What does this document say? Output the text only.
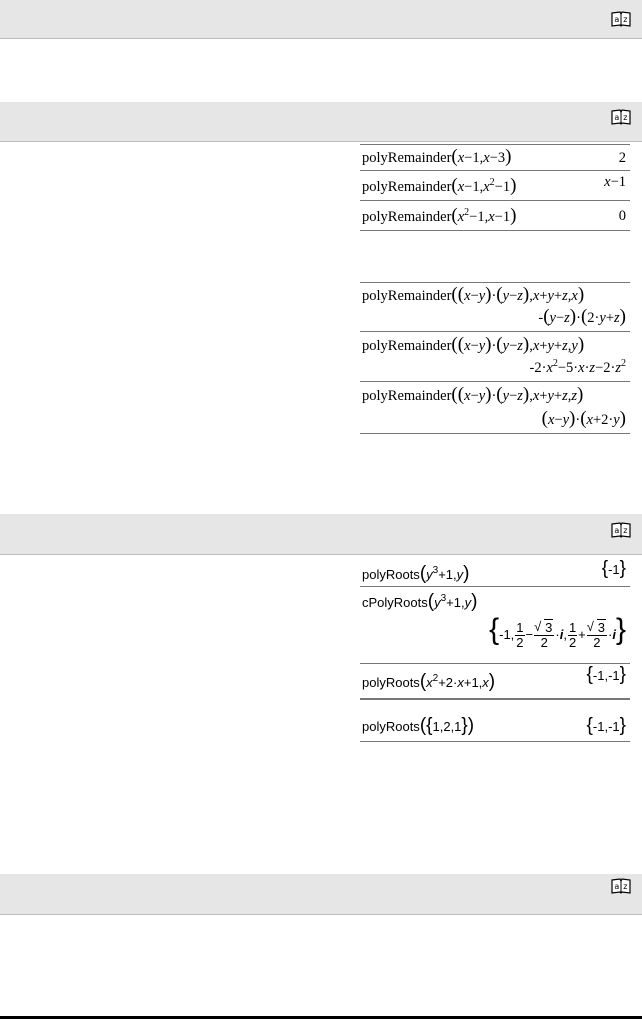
a z
a z
a z
a z
polyRemainder(x−1,x−3)	2
$polyRemainder(x-1,x^2-1)$	x−1
$polyRemainder(x^2-1,x-1)$	0
polyRemainder((x−y)·(y−z),x+y+z,x)
-(y−z)·(2·y+z)
polyRemainder((x−y)·(y−z),x+y+z,y)
$-2\cdot x^2-5\cdot x\cdot z-2\cdot z^2$
polyRemainder((x−y)·(y−z),x+y+z,z)
(x−y)·(x+2·y)
$polyRoots(y^3+1,y)$	{-1}
$cPolyRoots(y^3+1,y)$
{-1, $\frac{1}{2}$ − √ $\frac{3}{2} \cdot i$, $\frac{1}{2}$ + √ $\frac{3}{2} \cdot i$}
$polyRoots(x^2+2\cdot x+1,x)$	{-1,-1}
polyRoots({1,2,1})	{-1,-1}
